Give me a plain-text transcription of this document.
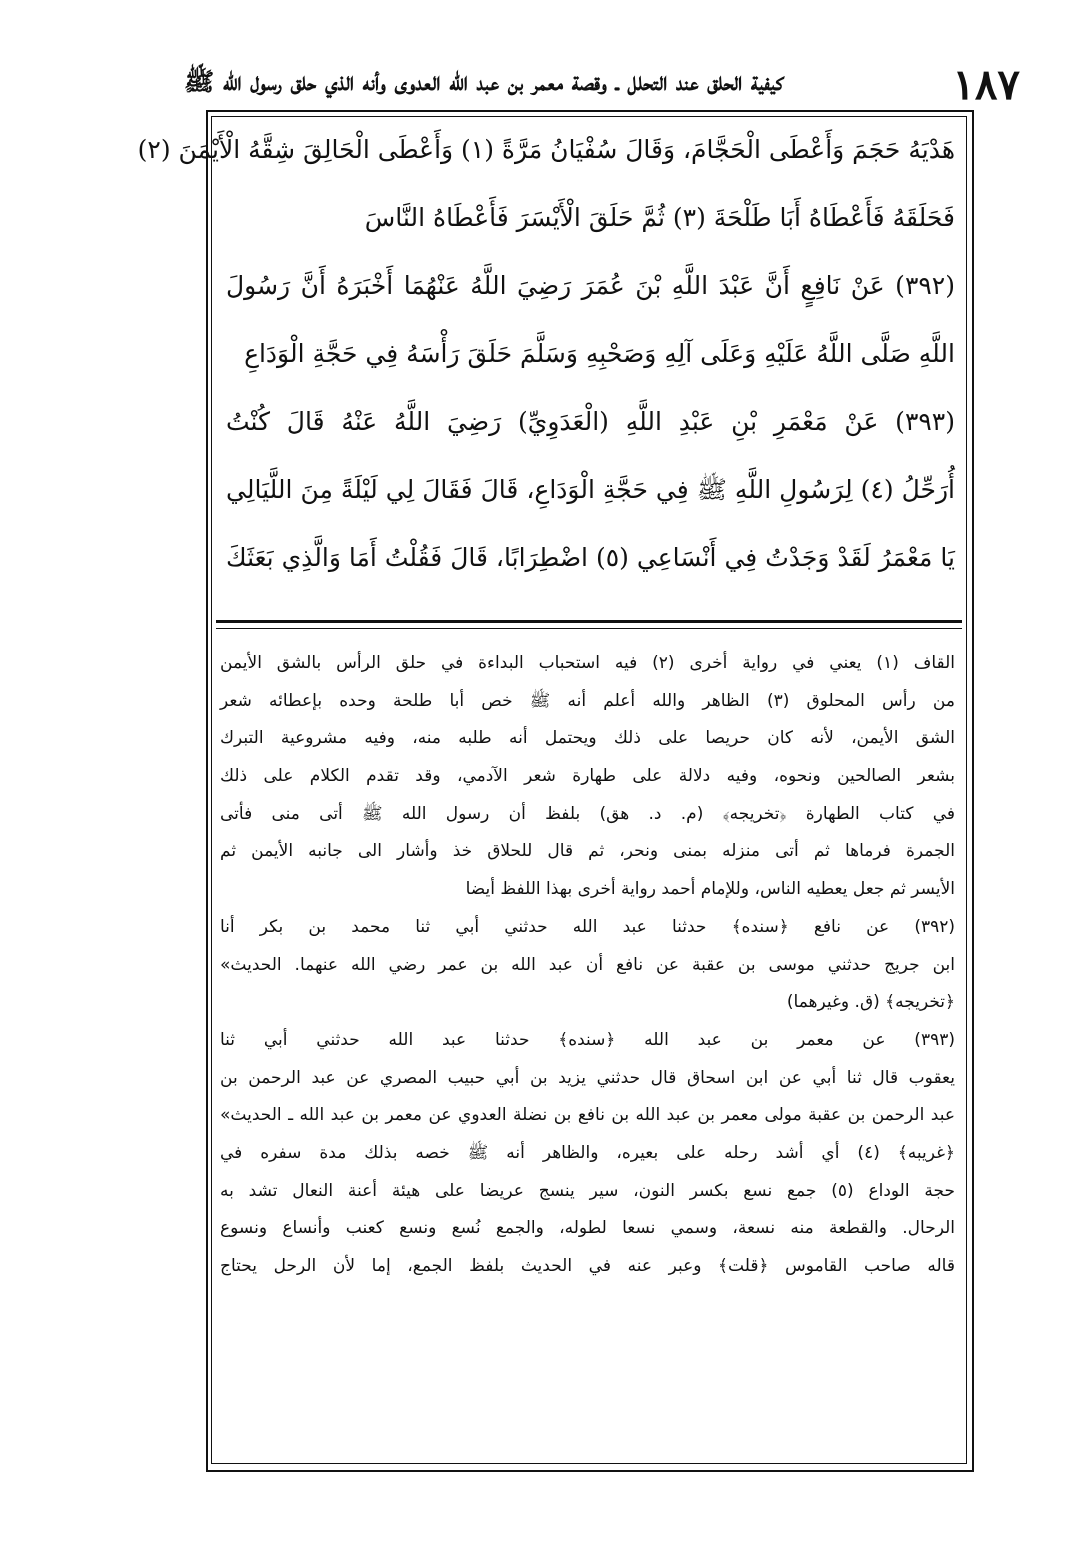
١٨٧
كيفية الحلق عند التحلل ـ وقصة معمر بن عبد الله العدوى وأنه الذي حلق رسول الله ﷺ
هَدْيَهُ حَجَمَ وَأَعْطَى الْحَجَّامَ، وَقَالَ سُفْيَانُ مَرَّةً (١) وَأَعْطَى الْحَالِقَ شِقَّهُ الْأَيْمَنَ (٢)
فَحَلَقَهُ فَأَعْطَاهُ أَبَا طَلْحَةَ (٣) ثُمَّ حَلَقَ الْأَيْسَرَ فَأَعْطَاهُ النَّاسَ
(٣٩٢) عَنْ نَافِعٍ أَنَّ عَبْدَ اللَّهِ بْنَ عُمَرَ رَضِيَ اللَّهُ عَنْهُمَا أَخْبَرَهُ أَنَّ رَسُولَ
اللَّهِ صَلَّى اللَّهُ عَلَيْهِ وَعَلَى آلِهِ وَصَحْبِهِ وَسَلَّمَ حَلَقَ رَأْسَهُ فِي حَجَّةِ الْوَدَاعِ
(٣٩٣) عَنْ مَعْمَرِ بْنِ عَبْدِ اللَّهِ (الْعَدَوِيِّ) رَضِيَ اللَّهُ عَنْهُ قَالَ كُنْتُ
أُرَحِّلُ (٤) لِرَسُولِ اللَّهِ ﷺ فِي حَجَّةِ الْوَدَاعِ، قَالَ فَقَالَ لِي لَيْلَةً مِنَ اللَّيَالِي
يَا مَعْمَرُ لَقَدْ وَجَدْتُ فِي أَنْسَاعِي (٥) اضْطِرَابًا، قَالَ فَقُلْتُ أَمَا وَالَّذِي بَعَثَكَ
القاف (١) يعني في رواية أخرى (٢) فيه استحباب البداءة في حلق الرأس بالشق الأيمن
من رأس المحلوق (٣) الظاهر والله أعلم أنه ﷺ خص أبا طلحة وحده بإعطائه شعر
الشق الأيمن، لأنه كان حريصا على ذلك ويحتمل أنه طلبه منه، وفيه مشروعية التبرك
بشعر الصالحين ونحوه، وفيه دلالة على طهارة شعر الآدمي، وقد تقدم الكلام على ذلك
في كتاب الطهارة ﴿تخريجه﴾ (م. د. هق) بلفظ أن رسول الله ﷺ أتى منى فأتى
الجمرة فرماها ثم أتى منزله بمنى ونحر، ثم قال للحلاق خذ وأشار الى جانبه الأيمن ثم
الأيسر ثم جعل يعطيه الناس، وللإمام أحمد رواية أخرى بهذا اللفظ أيضا
(٣٩٢) عن نافع ﴿سنده﴾ حدثنا عبد الله حدثني أبي ثنا محمد بن بكر أنا
ابن جريج حدثني موسى بن عقبة عن نافع أن عبد الله بن عمر رضي الله عنهما. الحديث»
﴿تخريجه﴾ (ق. وغيرهما)
(٣٩٣) عن معمر بن عبد الله ﴿سنده﴾ حدثنا عبد الله حدثني أبي ثنا
يعقوب قال ثنا أبي عن ابن اسحاق قال حدثني يزيد بن أبي حبيب المصري عن عبد الرحمن بن
عبد الرحمن بن عقبة مولى معمر بن عبد الله بن نافع بن نضلة العدوي عن معمر بن عبد الله ـ الحديث»
﴿غريبه﴾ (٤) أي أشد رحله على بعيره، والظاهر أنه ﷺ خصه بذلك مدة سفره في
حجة الوداع (٥) جمع نسع بكسر النون، سير ينسج عريضا على هيئة أعنة النعال تشد به
الرحال. والقطعة منه نسعة، وسمي نسعا لطوله، والجمع نُسع ونسع كعنب وأنساع ونسوع
قاله صاحب القاموس ﴿قلت﴾ وعبر عنه في الحديث بلفظ الجمع، إما لأن الرحل يحتاج
